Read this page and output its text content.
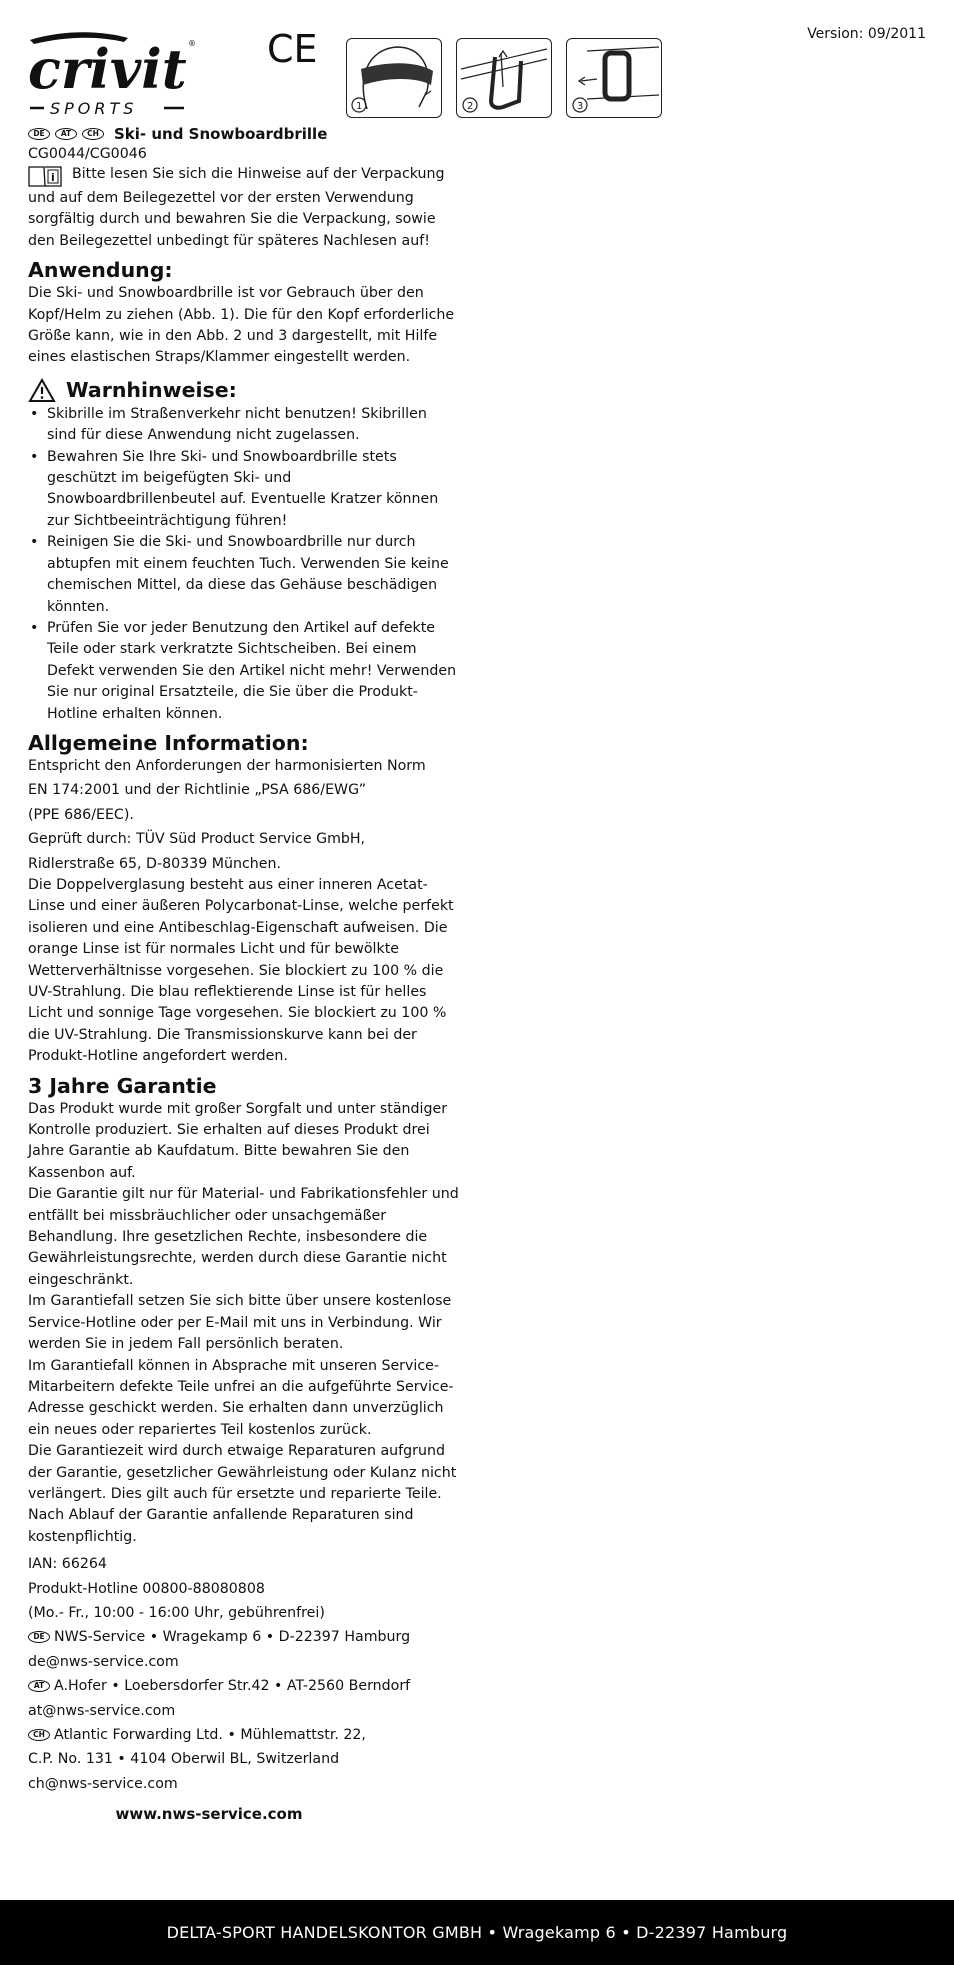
crivit
SPORTS
® CE
1	2	3
Version: 09/2011
DE	AT	CH	Ski- und Snowboardbrille
CG0044/CG0046

i Bitte lesen Sie sich die Hinweise auf der Verpackung und auf dem Beilegezettel vor der ersten Verwendung sorgfältig durch und bewahren Sie die Verpackung, sowie den Beilegezettel unbedingt für späteres Nachlesen auf!

Anwendung:

Die Ski- und Snowboardbrille ist vor Gebrauch über den Kopf/Helm zu ziehen (Abb. 1). Die für den Kopf erforderliche Größe kann, wie in den Abb. 2 und 3 dargestellt, mit Hilfe eines elastischen Straps/Klammer eingestellt werden.

Warnhinweise:
• Skibrille im Straßenverkehr nicht benutzen! Skibrillen sind für diese Anwendung nicht zugelassen.
• Bewahren Sie Ihre Ski- und Snowboardbrille stets geschützt im beigefügten Ski- und Snowboardbrillenbeutel auf. Eventuelle Kratzer können zur Sichtbeeinträchtigung führen!
• Reinigen Sie die Ski- und Snowboardbrille nur durch abtupfen mit einem feuchten Tuch. Verwenden Sie keine chemischen Mittel, da diese das Gehäuse beschädigen könnten.
• Prüfen Sie vor jeder Benutzung den Artikel auf defekte Teile oder stark verkratzte Sichtscheiben. Bei einem Defekt verwenden Sie den Artikel nicht mehr! Verwenden Sie nur original Ersatzteile, die Sie über die Produkt-Hotline erhalten können.
Allgemeine Information:

Entspricht den Anforderungen der harmonisierten Norm

EN 174:2001 und der Richtlinie „PSA 686/EWG”

(PPE 686/EEC).

Geprüft durch: TÜV Süd Product Service GmbH,

Ridlerstraße 65, D-80339 München.

Die Doppelverglasung besteht aus einer inneren Acetat-Linse und einer äußeren Polycarbonat-Linse, welche perfekt isolieren und eine Antibeschlag-Eigenschaft aufweisen. Die orange Linse ist für normales Licht und für bewölkte Wetterverhältnisse vorgesehen. Sie blockiert zu 100 % die UV-Strahlung. Die blau reflektierende Linse ist für helles Licht und sonnige Tage vorgesehen. Sie blockiert zu 100 % die UV-Strahlung. Die Transmissionskurve kann bei der Produkt-Hotline angefordert werden.

3 Jahre Garantie

Das Produkt wurde mit großer Sorgfalt und unter ständiger Kontrolle produziert. Sie erhalten auf dieses Produkt drei Jahre Garantie ab Kaufdatum. Bitte bewahren Sie den Kassenbon auf.

Die Garantie gilt nur für Material- und Fabrikationsfehler und entfällt bei missbräuchlicher oder unsachgemäßer Behandlung. Ihre gesetzlichen Rechte, insbesondere die Gewährleistungsrechte, werden durch diese Garantie nicht eingeschränkt.

Im Garantiefall setzen Sie sich bitte über unsere kostenlose Service-Hotline oder per E-Mail mit uns in Verbindung. Wir werden Sie in jedem Fall persönlich beraten.

Im Garantiefall können in Absprache mit unseren Service-Mitarbeitern defekte Teile unfrei an die aufgeführte Service-Adresse geschickt werden. Sie erhalten dann unverzüglich ein neues oder repariertes Teil kostenlos zurück.

Die Garantiezeit wird durch etwaige Reparaturen aufgrund der Garantie, gesetzlicher Gewährleistung oder Kulanz nicht verlängert. Dies gilt auch für ersetzte und reparierte Teile. Nach Ablauf der Garantie anfallende Reparaturen sind kostenpflichtig.

IAN: 66264

Produkt-Hotline 00800-88080808

(Mo.- Fr., 10:00 - 16:00 Uhr, gebührenfrei)

DE NWS-Service • Wragekamp 6 • D-22397 Hamburg

de@nws-service.com

AT A.Hofer • Loebersdorfer Str.42 • AT-2560 Berndorf

at@nws-service.com

CH Atlantic Forwarding Ltd. • Mühlemattstr. 22,

C.P. No. 131 • 4104 Oberwil BL, Switzerland

ch@nws-service.com

www.nws-service.com
DELTA-SPORT HANDELSKONTOR GMBH • Wragekamp 6 • D-22397 Hamburg
